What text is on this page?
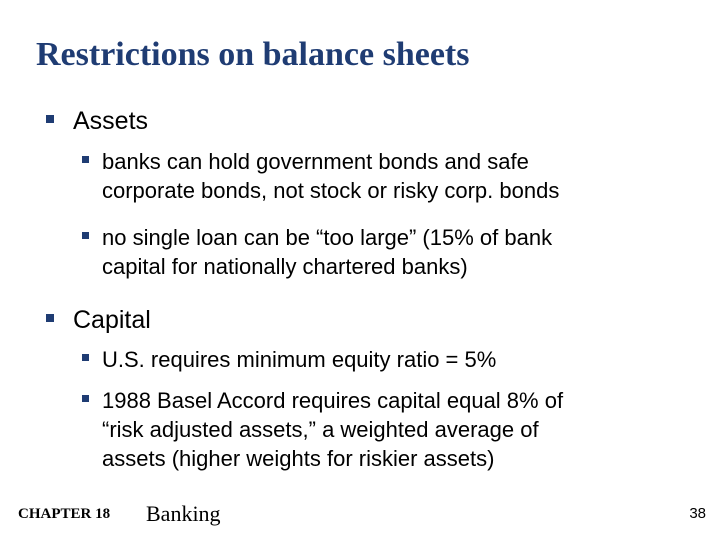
Restrictions on balance sheets
Assets
banks can hold government bonds and safe
corporate bonds, not stock or risky corp. bonds
no single loan can be “too large” (15% of bank
capital for nationally chartered banks)
Capital
U.S. requires minimum equity ratio = 5%
1988 Basel Accord requires capital equal 8% of
“risk adjusted assets,” a weighted average of
assets (higher weights for riskier assets)
CHAPTER 18 Banking	38
